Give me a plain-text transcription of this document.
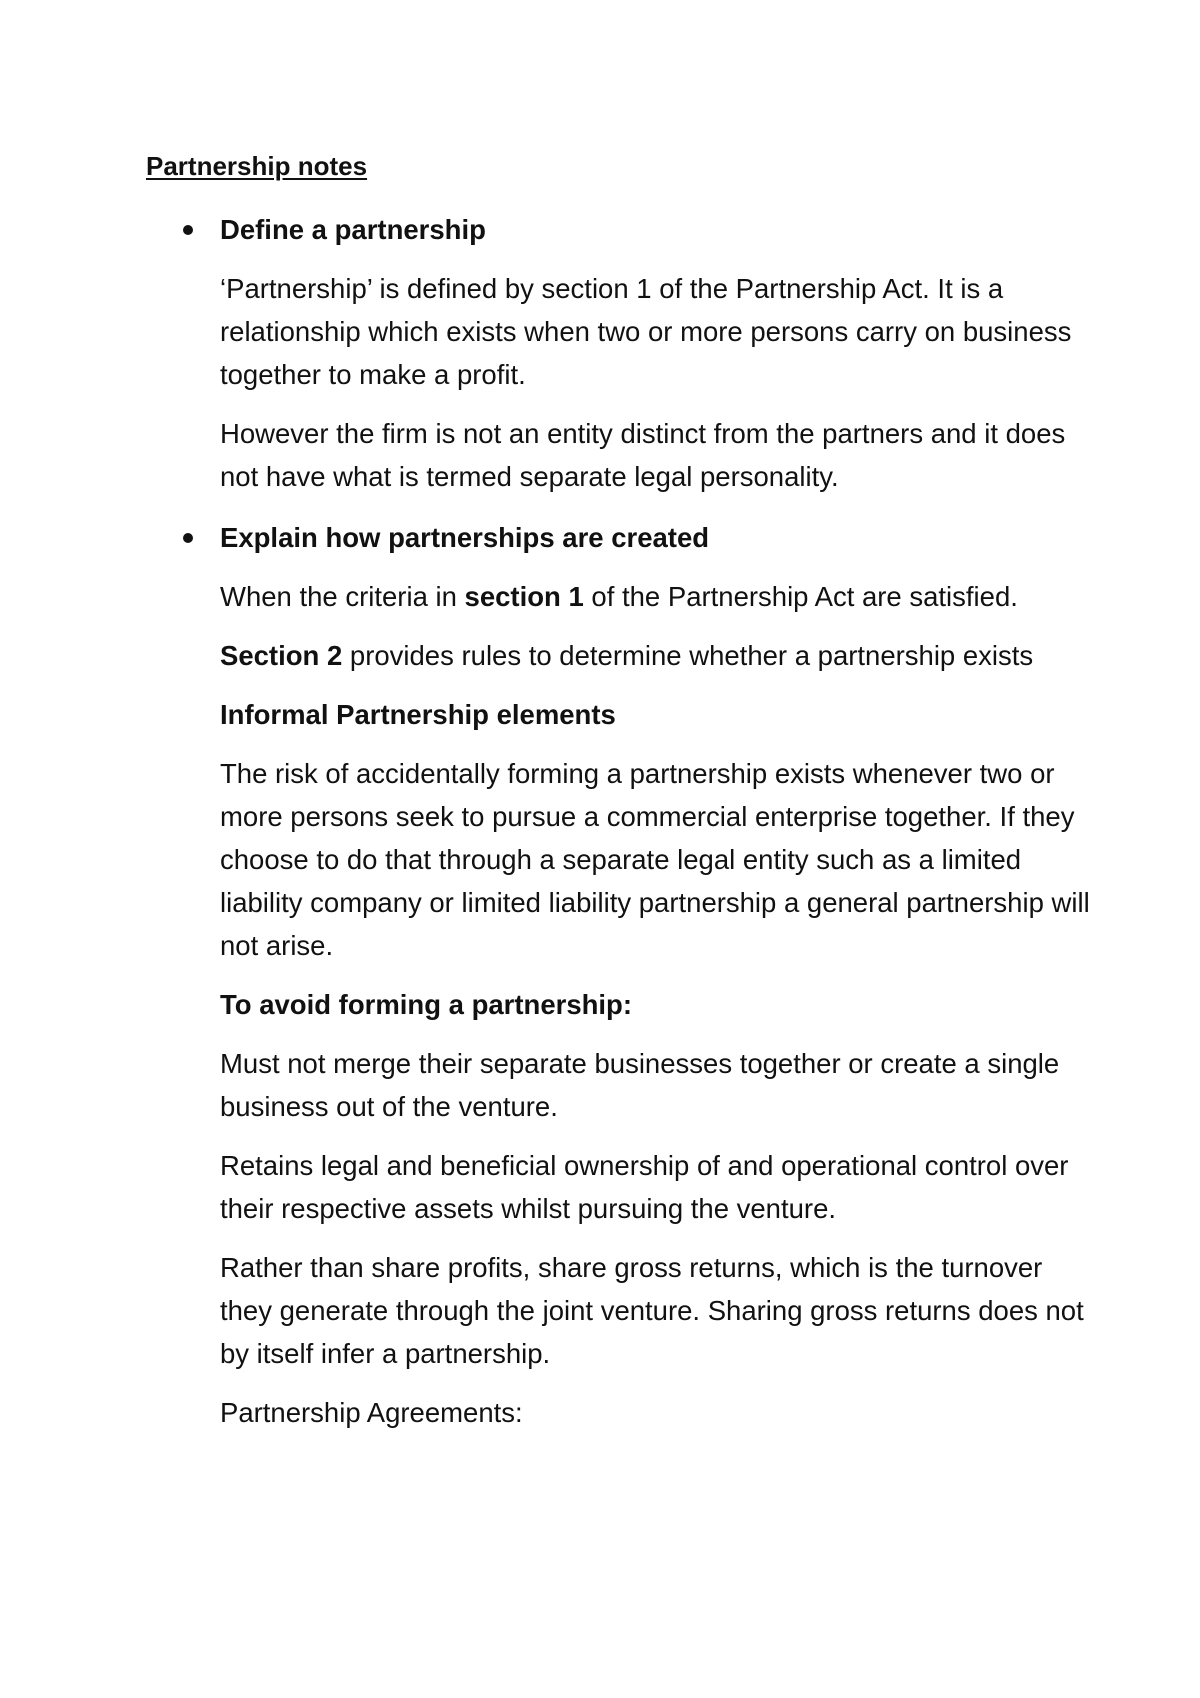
Partnership notes
Define a partnership

‘Partnership’ is defined by section 1 of the Partnership Act. It is a relationship which exists when two or more persons carry on business together to make a profit.

However the firm is not an entity distinct from the partners and it does not have what is termed separate legal personality.

Explain how partnerships are created

When the criteria in section 1 of the Partnership Act are satisfied.

Section 2 provides rules to determine whether a partnership exists

Informal Partnership elements

The risk of accidentally forming a partnership exists whenever two or more persons seek to pursue a commercial enterprise together. If they choose to do that through a separate legal entity such as a limited liability company or limited liability partnership a general partnership will not arise.

To avoid forming a partnership:

Must not merge their separate businesses together or create a single business out of the venture.

Retains legal and beneficial ownership of and operational control over their respective assets whilst pursuing the venture.

Rather than share profits, share gross returns, which is the turnover they generate through the joint venture. Sharing gross returns does not by itself infer a partnership.

Partnership Agreements:
